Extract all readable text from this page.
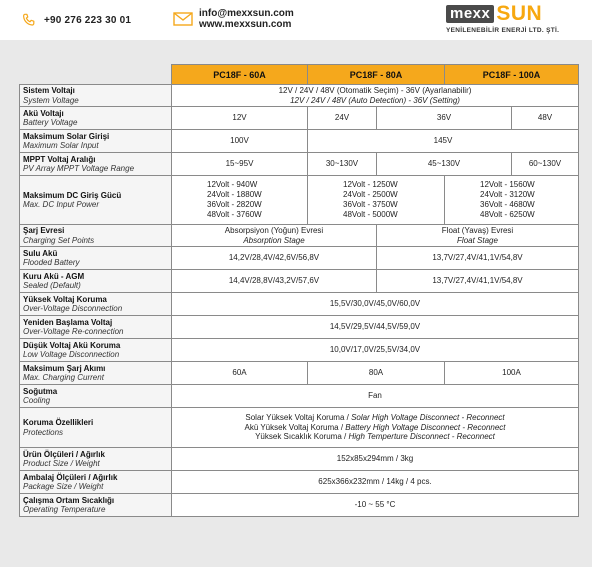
+90 276 223 30 01
info@mexxsun.com
www.mexxsun.com
mexx SUN
YENİLENEBİLİR ENERJİ LTD. ŞTİ.
	PC18F - 60A	PC18F - 80A		PC18F - 100A	

Sistem Voltajı
System Voltage	12V / 24V / 48V (Otomatik Seçim) - 36V (Ayarlanabilir)
12V / 24V / 48V (Auto Detection) - 36V (Setting)				

Akü Voltajı
Battery Voltage	12V	24V	36V		48V

Maksimum Solar Girişi
Maximum Solar Input	100V	145V			

MPPT Voltaj Aralığı
PV Array MPPT Voltage Range	15~95V	30~130V	45~130V		60~130V

Maksimum DC Giriş Gücü
Max. DC Input Power	12Volt - 940W
24Volt - 1880W
36Volt - 2820W
48Volt - 3760W	12Volt - 1250W
24Volt - 2500W
36Volt - 3750W
48Volt - 5000W		12Volt - 1560W
24Volt - 3120W
36Volt - 4680W
48Volt - 6250W	

Şarj Evresi
Charging Set Points	Absorpsiyon (Yoğun) Evresi
Absorption Stage		Float (Yavaş) Evresi
Float Stage		

Sulu Akü
Flooded Battery	14,2V/28,4V/42,6V/56,8V		13,7V/27,4V/41,1V/54,8V		

Kuru Akü - AGM
Sealed (Default)	14,4V/28,8V/43,2V/57,6V		13,7V/27,4V/41,1V/54,8V		

Yüksek Voltaj Koruma
Over-Voltage Disconnection	15,5V/30,0V/45,0V/60,0V				

Yeniden Başlama Voltaj
Over-Voltage Re-connection	14,5V/29,5V/44,5V/59,0V				

Düşük Voltaj Akü Koruma
Low Voltage Disconnection	10,0V/17,0V/25,5V/34,0V				

Maksimum Şarj Akımı
Max. Charging Current	60A	80A		100A	

Soğutma
Cooling	Fan				

Koruma Özellikleri
Protections	Solar Yüksek Voltaj Koruma / Solar High Voltage Disconnect - Reconnect
Akü Yüksek Voltaj Koruma / Battery High Voltage Disconnect - Reconnect
Yüksek Sıcaklık Koruma / High Temperture Disconnect - Reconnect				

Ürün Ölçüleri / Ağırlık
Product Size / Weight	152x85x294mm / 3kg				

Ambalaj Ölçüleri / Ağırlık
Package Size / Weight	625x366x232mm / 14kg / 4 pcs.				

Çalışma Ortam Sıcaklığı
Operating Temperature	-10 ~ 55 °C				
